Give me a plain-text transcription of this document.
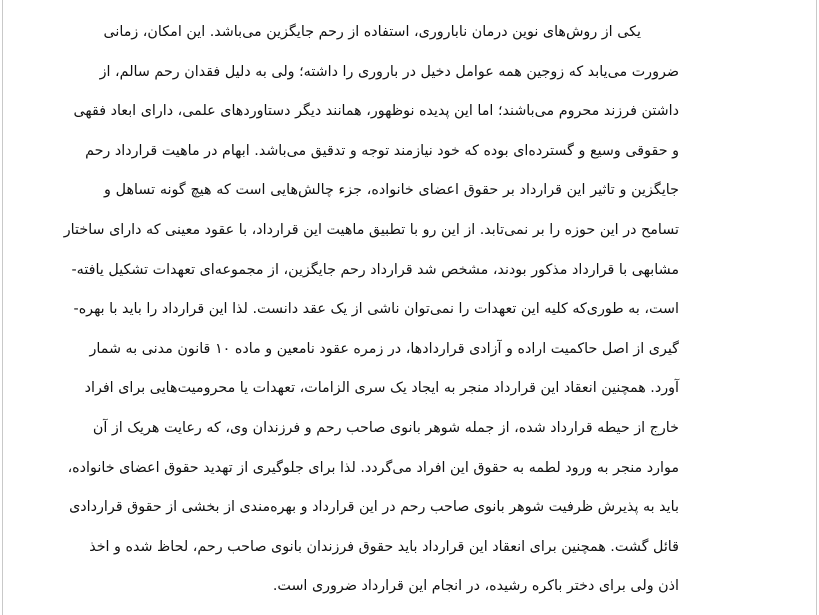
یکی از روش‌های نوین درمان ناباروری، استفاده از رحم جایگزین می‌باشد. این امکان، زمانی
ضرورت می‌یابد که زوجین همه عوامل دخیل در باروری را داشته؛ ولی به دلیل فقدان رحم سالم، از
داشتن فرزند محروم می‌باشند؛ اما این پدیده نوظهور، همانند دیگر دستاوردهای علمی، دارای ابعاد فقهی
و حقوقی وسیع و گسترده‌ای بوده که خود نیازمند توجه و تدقیق می‌باشد. ابهام در ماهیت قرارداد رحم
جایگزین و تاثیر این قرارداد بر حقوق اعضای خانواده، جزء چالش‌هایی است که هیچ گونه تساهل و
تسامح در این حوزه را بر نمی‌تابد. از این رو با تطبیق ماهیت این قرارداد، با عقود معینی که دارای ساختار
مشابهی با قرارداد مذکور بودند، مشخص شد قرارداد رحم جایگزین، از مجموعه‌ای تعهدات تشکیل یافته-
است، به طوری‌که کلیه این تعهدات را نمی‌توان ناشی از یک عقد دانست. لذا این قرارداد را باید با بهره-
گیری از اصل حاکمیت اراده و آزادی قراردادها، در زمره عقود نامعین و ماده ۱۰ قانون مدنی به شمار
آورد. همچنین انعقاد این قرارداد منجر به ایجاد یک سری الزامات، تعهدات یا محرومیت‌هایی برای افراد
خارج از حیطه قرارداد شده، از جمله شوهر بانوی صاحب رحم و فرزندان وی، که رعایت هریک از آن
موارد منجر به ورود لطمه به حقوق این افراد می‌گردد. لذا برای جلوگیری از تهدید حقوق اعضای خانواده،
باید به پذیرش ظرفیت شوهر بانوی صاحب رحم در این قرارداد و بهره‌مندی از بخشی از حقوق قراردادی
قائل گشت. همچنین برای انعقاد این قرارداد باید حقوق فرزندان بانوی صاحب رحم، لحاظ شده و اخذ
اذن ولی برای دختر باکره رشیده، در انجام این قرارداد ضروری است.
